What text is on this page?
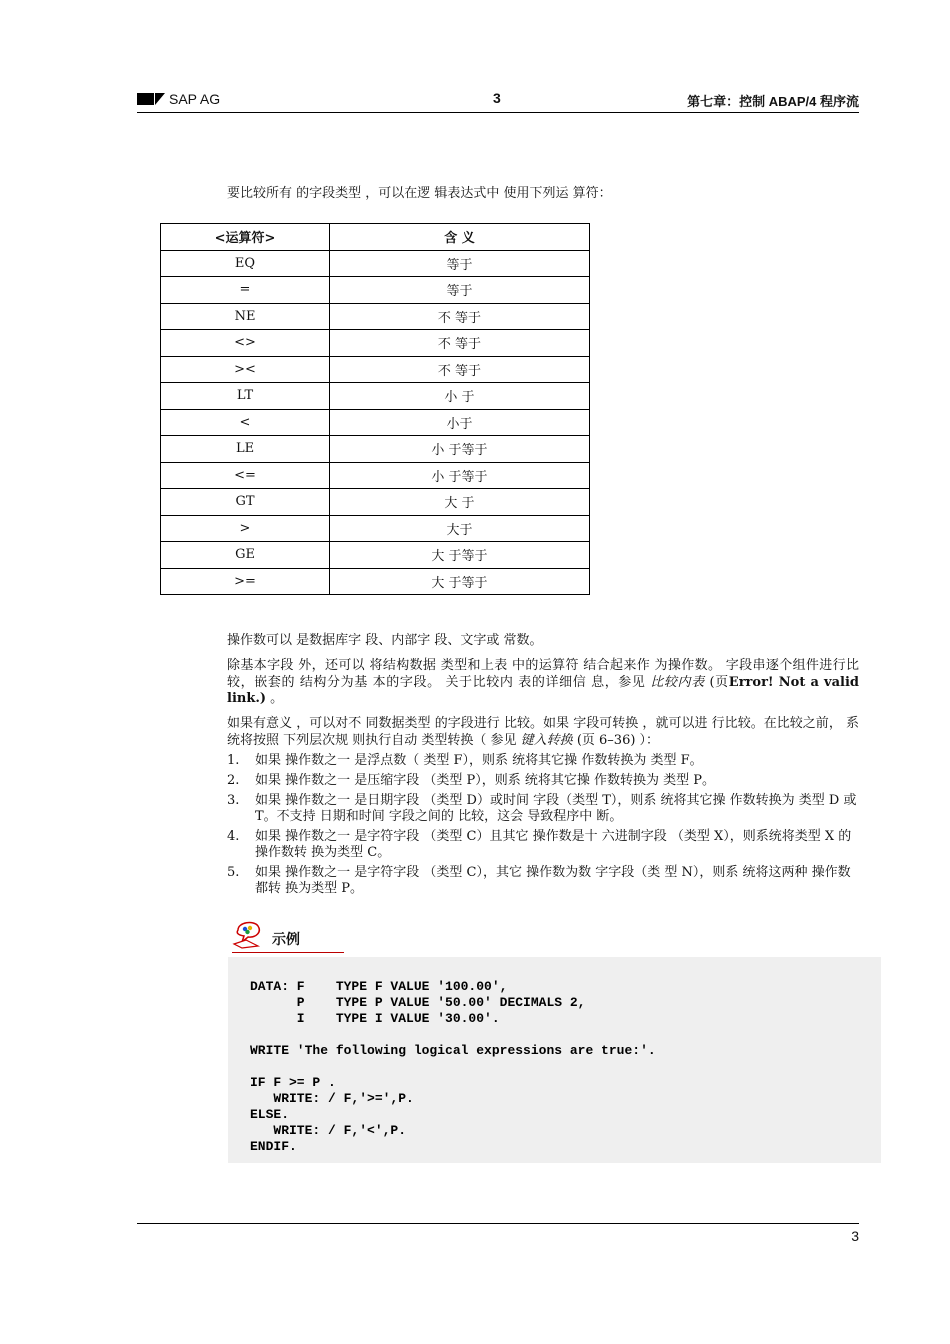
SAP AG	3	第七章：控制 ABAP/4 程序流
要比较所有 的字段类型 ，可以在逻 辑表达式中 使用下列运 算符：
<运算符>	含 义
EQ	等于
=	等于
NE	不 等于
<>	不 等于
><	不 等于
LT	小 于
<	小于
LE	小 于等于
<=	小 于等于
GT	大 于
>	大于
GE	大 于等于
>=	大 于等于
操作数可以 是数据库字 段、内部字 段、文字或 常数。
除基本字段 外，还可以 将结构数据 类型和上表 中的运算符 结合起来作 为操作数。 字段串逐个组件进行比 较，嵌套的 结构分为基 本的字段。 关于比较内 表的详细信 息，参见 比较内表 (页Error! Not a valid link.) 。
如果有意义 ，可以对不 同数据类型 的字段进行 比较。如果 字段可转换 ，就可以进 行比较。在比较之前， 系统将按照 下列层次规 则执行自动 类型转换（ 参见 键入转换 (页 6–36) ）：
1. 如果 操作数之一 是浮点数（ 类型 F），则系 统将其它操 作数转换为 类型 F。
2. 如果 操作数之一 是压缩字段 （类型 P），则系 统将其它操 作数转换为 类型 P。
3. 如果 操作数之一 是日期字段 （类型 D）或时间 字段（类型 T），则系 统将其它操 作数转换为 类型 D 或 T。不支持 日期和时间 字段之间的 比较，这会 导致程序中 断。
4. 如果 操作数之一 是字符字段 （类型 C）且其它 操作数是十 六进制字段 （类型 X），则系统将类型 X 的操作数转 换为类型 C。
5. 如果 操作数之一 是字符字段 （类型 C），其它 操作数为数 字字段（类 型 N），则系 统将这两种 操作数都转 换为类型 P。
示例
DATA: F    TYPE F VALUE '100.00',
P    TYPE P VALUE '50.00' DECIMALS 2,
I    TYPE I VALUE '30.00'.

WRITE 'The following logical expressions are true:'.

IF F >= P .
WRITE: / F,'>=',P.
ELSE.
WRITE: / F,'<',P.
ENDIF.
3
